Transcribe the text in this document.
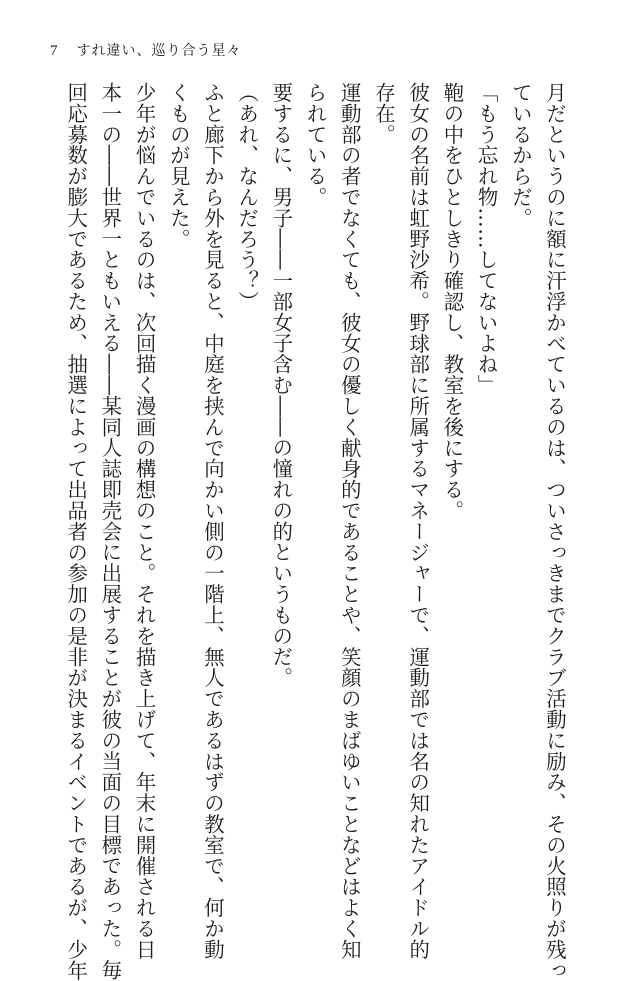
7 すれ違い、巡り合う星々
月だというのに額に汗浮かべているのは、ついさっきまでクラブ活動に励み、その火照りが残っ
ているからだ。
「もう忘れ物……してないよね」
鞄の中をひとしきり確認し、教室を後にする。
彼女の名前は虹野沙希。野球部に所属するマネージャーで、運動部では名の知れたアイドル的
存在。
運動部の者でなくても、彼女の優しく献身的であることや、笑顔のまばゆいことなどはよく知
られている。
要するに、男子――一部女子含む――の憧れの的というものだ。
（あれ、なんだろう？）
ふと廊下から外を見ると、中庭を挟んで向かい側の一階上、無人であるはずの教室で、何か動
くものが見えた。
少年が悩んでいるのは、次回描く漫画の構想のこと。それを描き上げて、年末に開催される日
本一の――世界一ともいえる――某同人誌即売会に出展することが彼の当面の目標であった。毎
回応募数が膨大であるため、抽選によって出品者の参加の是非が決まるイベントであるが、少年
